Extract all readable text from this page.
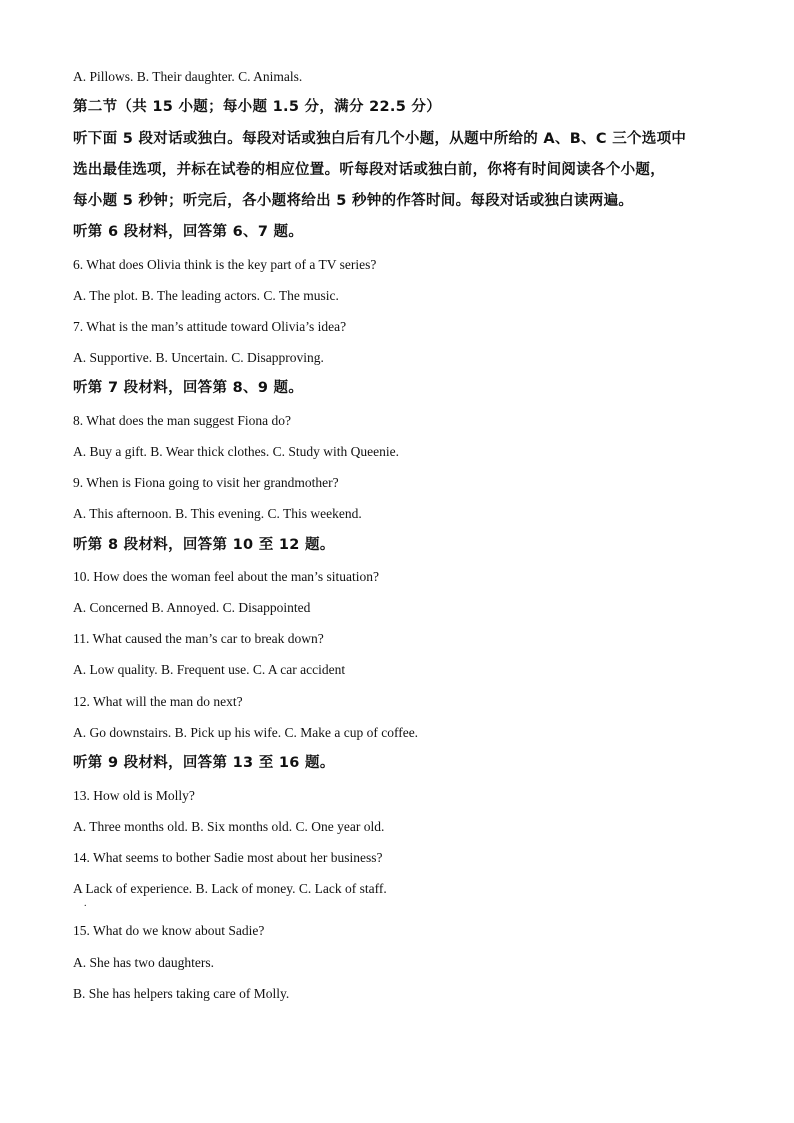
A. Pillows. B. Their daughter. C. Animals.
第二节（共 15 小题；每小题 1.5 分，满分 22.5 分）
听下面 5 段对话或独白。每段对话或独白后有几个小题，从题中所给的 A、B、C 三个选项中
选出最佳选项，并标在试卷的相应位置。听每段对话或独白前，你将有时间阅读各个小题，
每小题 5 秒钟；听完后，各小题将给出 5 秒钟的作答时间。每段对话或独白读两遍。
听第 6 段材料，回答第 6、7 题。
6. What does Olivia think is the key part of a TV series?
A. The plot. B. The leading actors. C. The music.
7. What is the man’s attitude toward Olivia’s idea?
A. Supportive. B. Uncertain. C. Disapproving.
听第 7 段材料，回答第 8、9 题。
8. What does the man suggest Fiona do?
A. Buy a gift. B. Wear thick clothes. C. Study with Queenie.
9. When is Fiona going to visit her grandmother?
A. This afternoon. B. This evening. C. This weekend.
听第 8 段材料，回答第 10 至 12 题。
10. How does the woman feel about the man’s situation?
A. Concerned B. Annoyed. C. Disappointed
11. What caused the man’s car to break down?
A. Low quality. B. Frequent use. C. A car accident
12. What will the man do next?
A. Go downstairs. B. Pick up his wife. C. Make a cup of coffee.
听第 9 段材料，回答第 13 至 16 题。
13. How old is Molly?
A. Three months old. B. Six months old. C. One year old.
14. What seems to bother Sadie most about her business?
A Lack of experience. B. Lack of money. C. Lack of staff.
.
15. What do we know about Sadie?
A. She has two daughters.
B. She has helpers taking care of Molly.
